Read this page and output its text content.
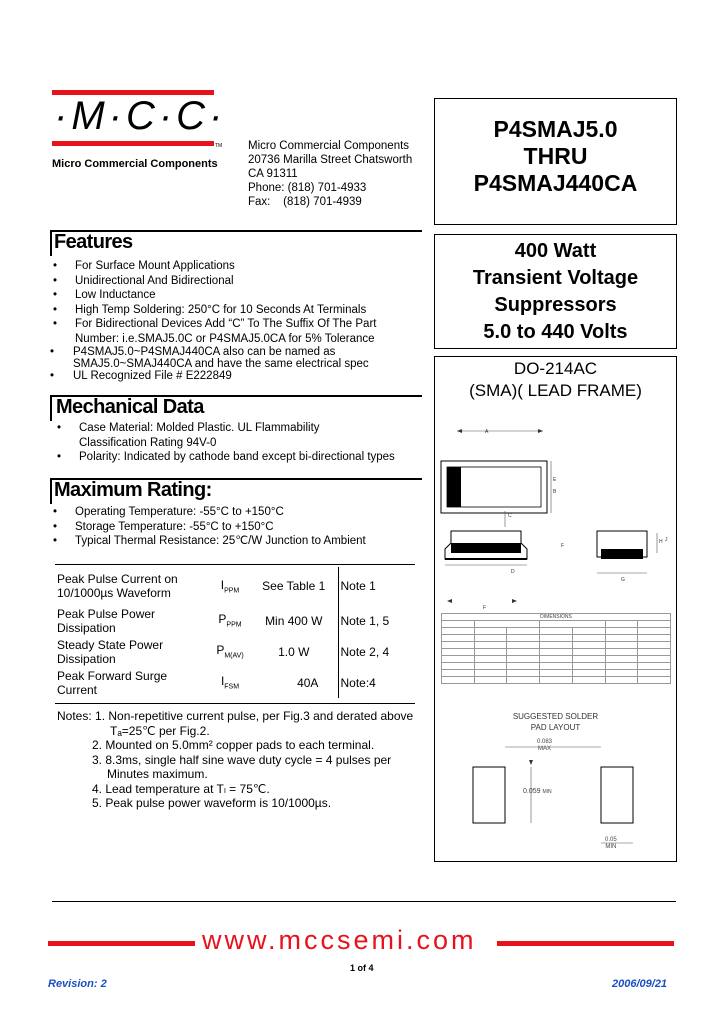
·M·C·C·
TM
Micro Commercial Components
Micro Commercial Components
20736 Marilla Street Chatsworth
CA 91311
Phone: (818) 701-4933
Fax:    (818) 701-4939
P4SMAJ5.0
THRU
P4SMAJ440CA
400 Watt
Transient Voltage
Suppressors
5.0 to 440 Volts
DO-214AC
(SMA)( LEAD FRAME)
A
E
B
C
D
F
H J
G
F
DIMENSIONS						

SUGGESTED SOLDER
PAD LAYOUT
0.083
MAX
0.059 MIN
0.05
MIN
Features
• For Surface Mount Applications
• Unidirectional And Bidirectional
• Low Inductance
• High Temp Soldering: 250°C for 10 Seconds At Terminals
• For Bidirectional Devices Add “C” To The Suffix Of The Part
Number: i.e.SMAJ5.0C or P4SMAJ5.0CA for 5% Tolerance
• P4SMAJ5.0~P4SMAJ440CA also can be named as
SMAJ5.0~SMAJ440CA and have the same electrical spec
• UL Recognized File # E222849
Mechanical Data
• Case Material: Molded Plastic. UL Flammability
Classification Rating 94V-0
• Polarity: Indicated by cathode band except bi-directional types
Maximum Rating:
• Operating Temperature: -55°C to +150°C
• Storage Temperature: -55°C to +150°C
• Typical Thermal Resistance: 25℃/W Junction to Ambient
Peak Pulse Current on
10/1000µs Waveform	$I_{PPM}$	See Table 1	Note 1
Peak Pulse Power Dissipation	$P_{PPM}$	Min 400 W	Note 1, 5
Steady State Power Dissipation	$P_{M(AV)}$	1.0 W	Note 2, 4
Peak Forward Surge Current	$I_{FSM}$	40A	Note:4
Notes: 1. Non-repetitive current pulse, per Fig.3 and derated above
Tₐ=25℃ per Fig.2.
2. Mounted on 5.0mm² copper pads to each terminal.
3. 8.3ms, single half sine wave duty cycle = 4 pulses per
Minutes maximum.
4. Lead temperature at Tₗ = 75℃.
5. Peak pulse power waveform is 10/1000µs.
www.mccsemi.com
1 of 4
Revision: 2	2006/09/21
